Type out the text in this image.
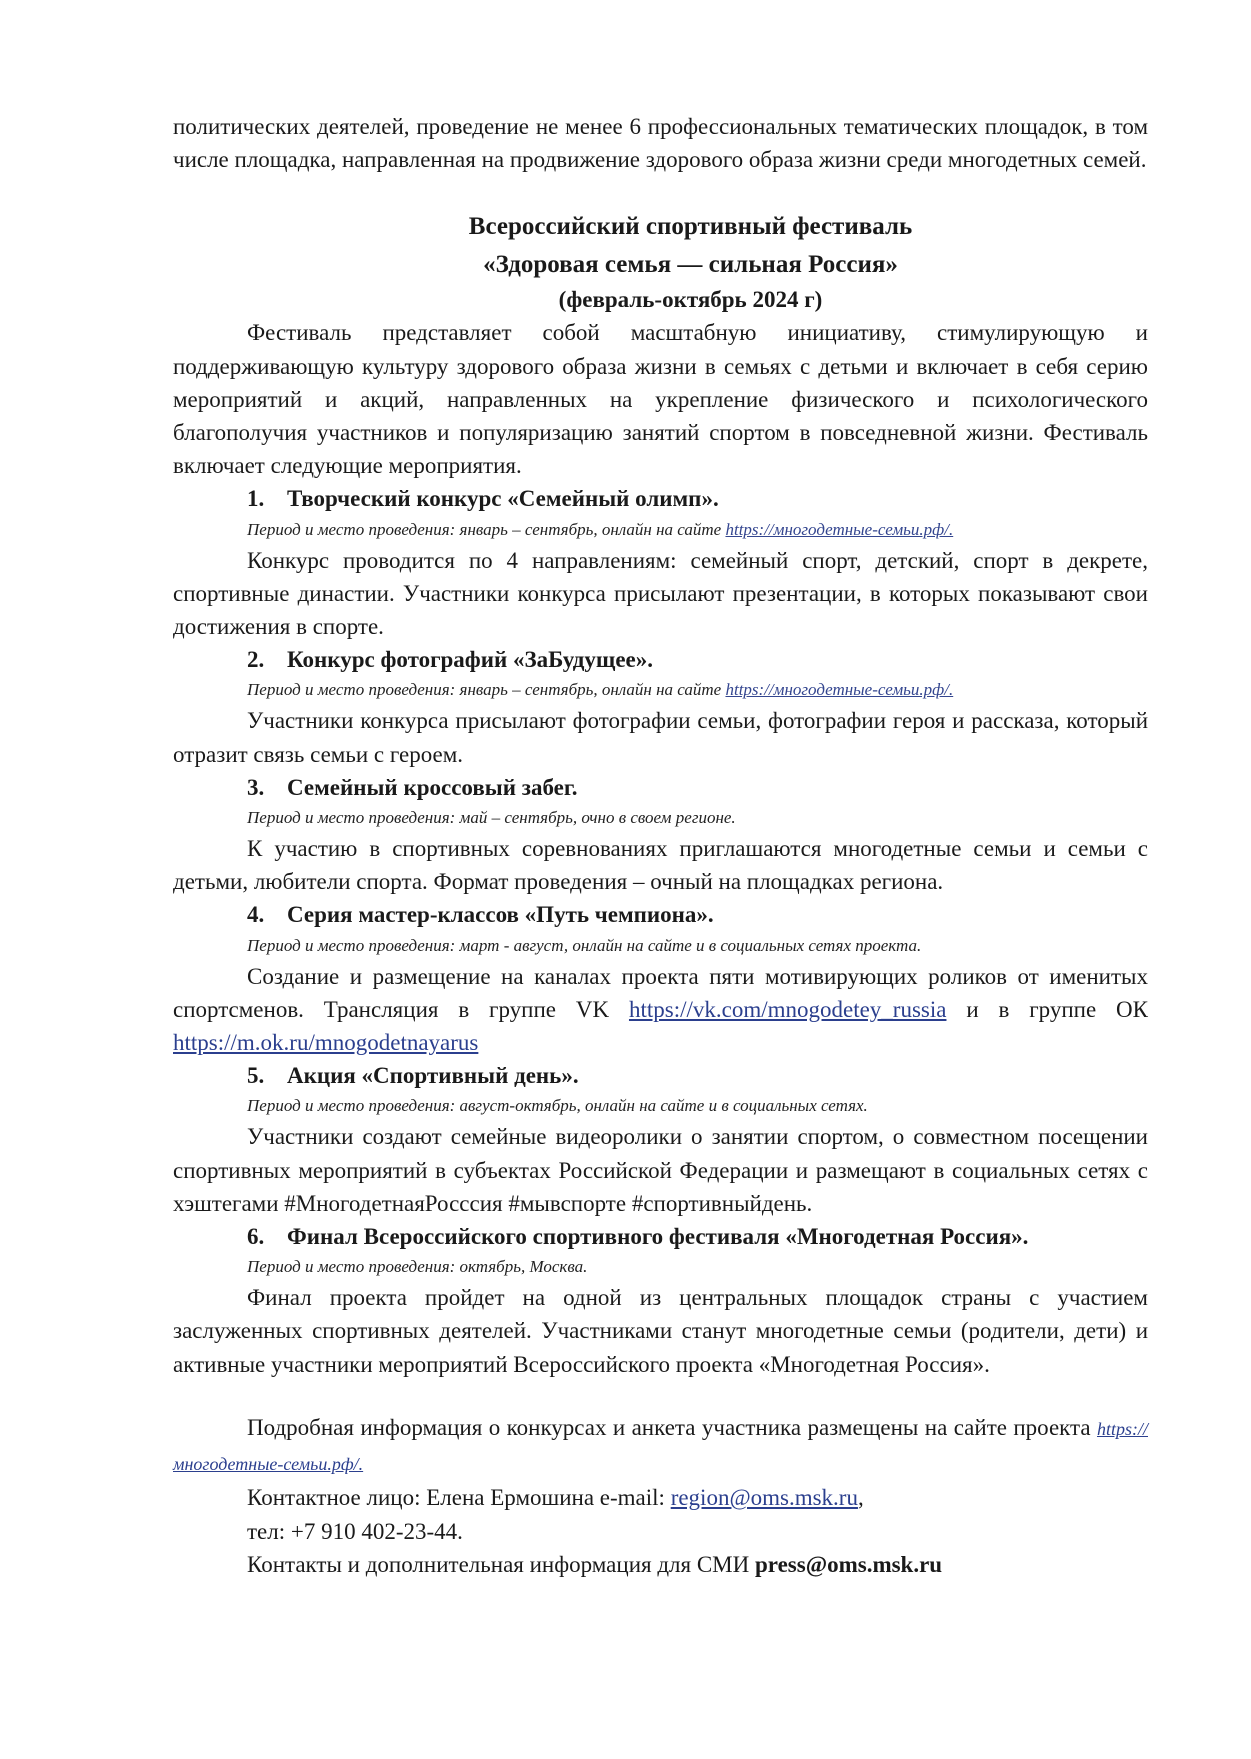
политических деятелей, проведение не менее 6 профессиональных тематических площадок, в том числе площадка, направленная на продвижение здорового образа жизни среди многодетных семей.

Всероссийский спортивный фестиваль

«Здоровая семья — сильная Россия»

(февраль-октябрь 2024 г)

Фестиваль представляет собой масштабную инициативу, стимулирующую и поддерживающую культуру здорового образа жизни в семьях с детьми и включает в себя серию мероприятий и акций, направленных на укрепление физического и психологического благополучия участников и популяризацию занятий спортом в повседневной жизни. Фестиваль включает следующие мероприятия.

1. Творческий конкурс «Семейный олимп».

Период и место проведения: январь – сентябрь, онлайн на сайте https://многодетные-семьи.рф/.

Конкурс проводится по 4 направлениям: семейный спорт, детский, спорт в декрете, спортивные династии. Участники конкурса присылают презентации, в которых показывают свои достижения в спорте.

2. Конкурс фотографий «ЗаБудущее».

Период и место проведения: январь – сентябрь, онлайн на сайте https://многодетные-семьи.рф/.

Участники конкурса присылают фотографии семьи, фотографии героя и рассказа, который отразит связь семьи с героем.

3. Семейный кроссовый забег.

Период и место проведения: май – сентябрь, очно в своем регионе.

К участию в спортивных соревнованиях приглашаются многодетные семьи и семьи с детьми, любители спорта. Формат проведения – очный на площадках региона.

4. Серия мастер-классов «Путь чемпиона».

Период и место проведения: март - август, онлайн на сайте и в социальных сетях проекта.

Создание и размещение на каналах проекта пяти мотивирующих роликов от именитых спортсменов. Трансляция в группе VK https://vk.com/mnogodetey_russia и в группе ОК https://m.ok.ru/mnogodetnayarus

5. Акция «Спортивный день».

Период и место проведения: август-октябрь, онлайн на сайте и в социальных сетях.

Участники создают семейные видеоролики о занятии спортом, о совместном посещении спортивных мероприятий в субъектах Российской Федерации и размещают в социальных сетях с хэштегами #МногодетнаяРосссия #мывспорте #спортивныйдень.

6. Финал Всероссийского спортивного фестиваля «Многодетная Россия».

Период и место проведения: октябрь, Москва.

Финал проекта пройдет на одной из центральных площадок страны с участием заслуженных спортивных деятелей. Участниками станут многодетные семьи (родители, дети) и активные участники мероприятий Всероссийского проекта «Многодетная Россия».

Подробная информация о конкурсах и анкета участника размещены на сайте проекта https://многодетные-семьи.рф/.

Контактное лицо: Елена Ермошина e-mail: region@oms.msk.ru,

тел: +7 910 402-23-44.

Контакты и дополнительная информация для СМИ press@oms.msk.ru
